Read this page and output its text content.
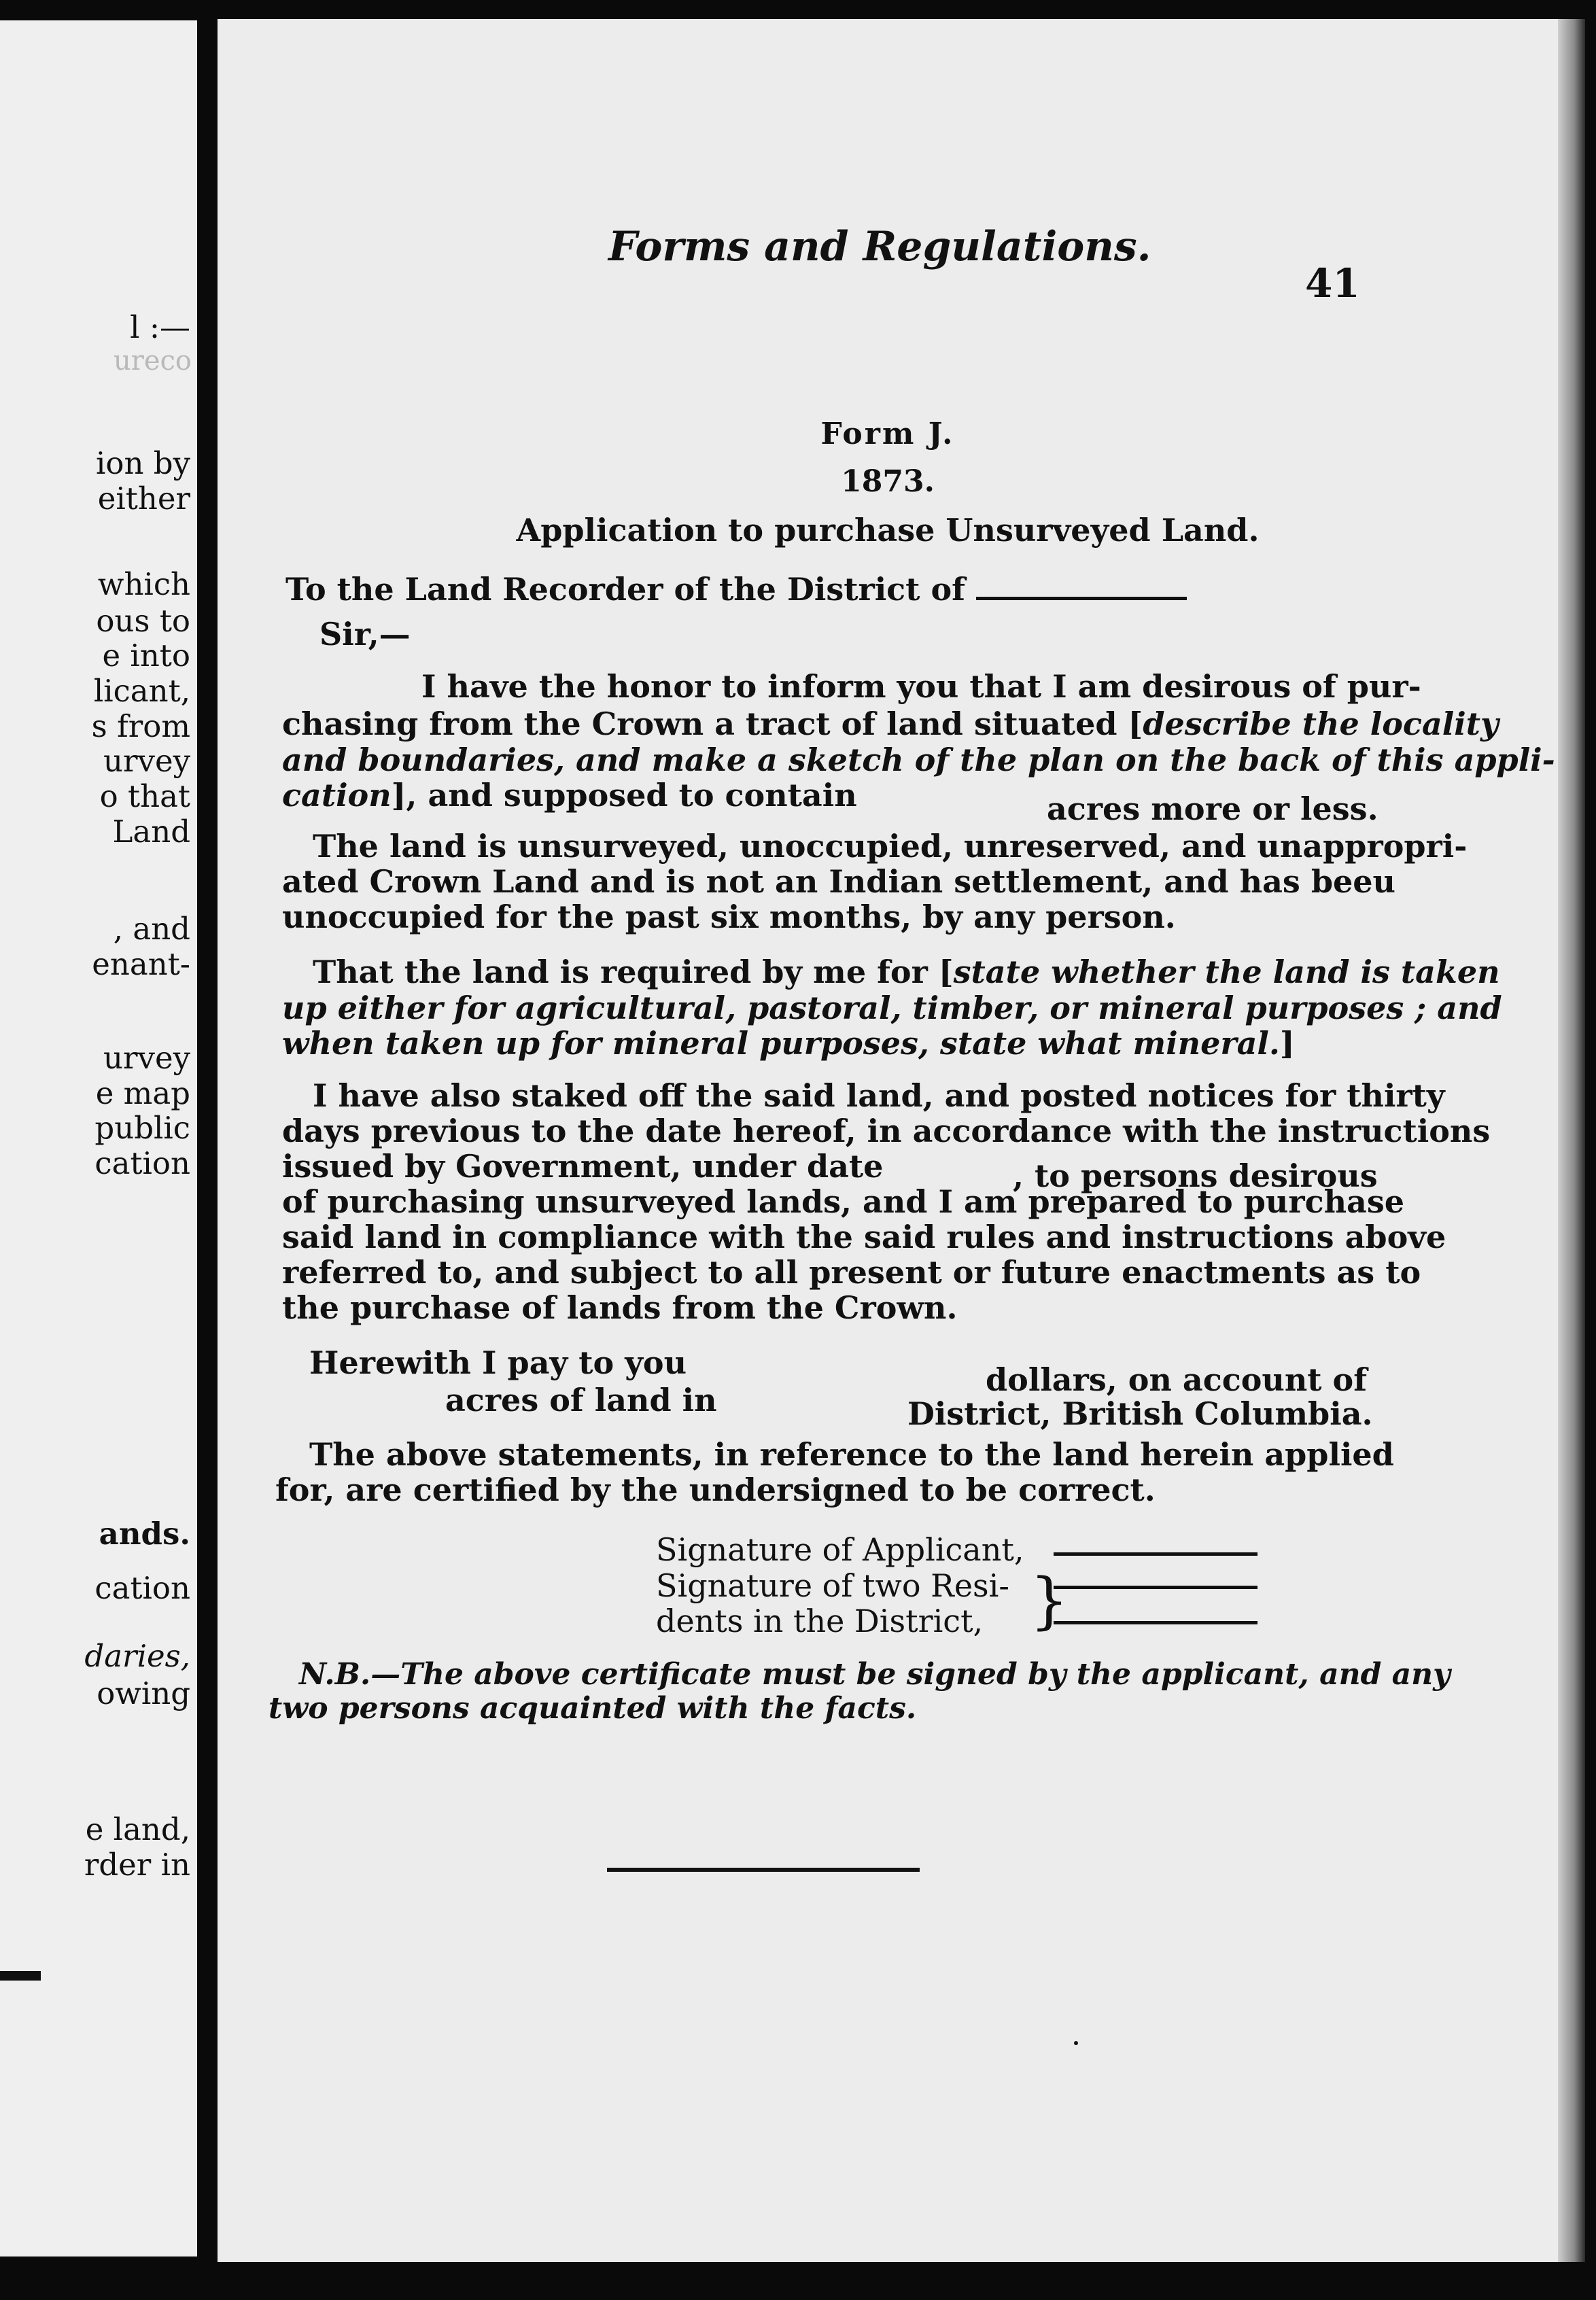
l :—
ureco
ion by
either
which
ous to
e into
licant,
s from
urvey
o that
Land
, and
enant-
urvey
e map
public
cation
ands.
cation
daries,
owing
e land,
rder in
Forms and Regulations.
41
Form J.
1873.
Application to purchase Unsurveyed Land.
To the Land Recorder of the District of
Sir,—
I have the honor to inform you that I am desirous of pur-
chasing from the Crown a tract of land situated [describe the locality
and boundaries, and make a sketch of the plan on the back of this appli-
cation], and supposed to contain	acres more or less.
The land is unsurveyed, unoccupied, unreserved, and unappropri-
ated Crown Land and is not an Indian settlement, and has beeu
unoccupied for the past six months, by any person.
That the land is required by me for [state whether the land is taken
up either for agricultural, pastoral, timber, or mineral purposes ; and
when taken up for mineral purposes, state what mineral.]
I have also staked off the said land, and posted notices for thirty
days previous to the date hereof, in accordance with the instructions
issued by Government, under date	, to persons desirous
of purchasing unsurveyed lands, and I am prepared to purchase
said land in compliance with the said rules and instructions above
referred to, and subject to all present or future enactments as to
the purchase of lands from the Crown.
Herewith I pay to you	dollars, on account of
acres of land in	District, British Columbia.
The above statements, in reference to the land herein applied
for, are certified by the undersigned to be correct.
Signature of Applicant,
Signature of two Resi-
dents in the District, }
N.B.—The above certificate must be signed by the applicant, and any
two persons acquainted with the facts.
